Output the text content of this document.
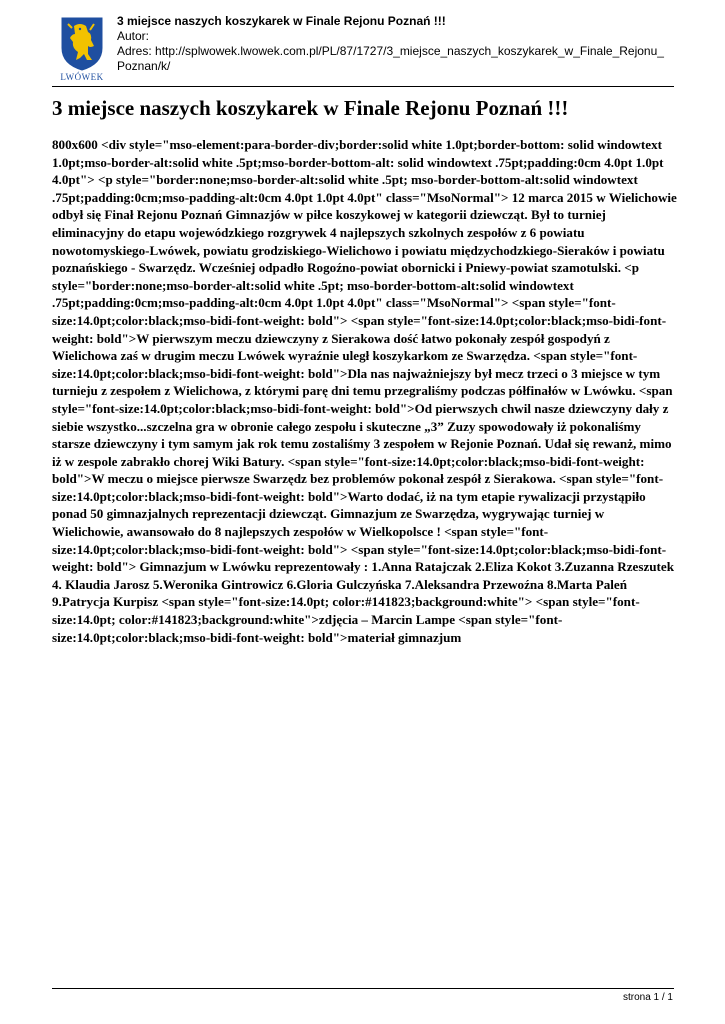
LWÓWEK
3 miejsce naszych koszykarek w Finale Rejonu Poznań !!!
Autor:
Adres: http://splwowek.lwowek.com.pl/PL/87/1727/3_miejsce_naszych_koszykarek_w_Finale_Rejonu_
Poznan/k/
3 miejsce naszych koszykarek w Finale Rejonu Poznań !!!

800x600 <div style="mso-element:para-border-div;border:solid white 1.0pt;border-bottom: solid windowtext 1.0pt;mso-border-alt:solid white .5pt;mso-border-bottom-alt: solid windowtext .75pt;padding:0cm 4.0pt 1.0pt 4.0pt"> <p style="border:none;mso-border-alt:solid white .5pt; mso-border-bottom-alt:solid windowtext .75pt;padding:0cm;mso-padding-alt:0cm 4.0pt 1.0pt 4.0pt" class="MsoNormal"> 12 marca 2015 w Wielichowie odbył się Finał Rejonu Poznań Gimnazjów w piłce koszykowej w kategorii dziewcząt. Był to turniej eliminacyjny do etapu wojewódzkiego rozgrywek 4 najlepszych szkolnych zespołów z 6 powiatu nowotomyskiego-Lwówek, powiatu grodziskiego-Wielichowo i powiatu międzychodzkiego-Sieraków i powiatu poznańskiego - Swarzędz. Wcześniej odpadło Rogoźno-powiat obornicki i Pniewy-powiat szamotulski. <p style="border:none;mso-border-alt:solid white .5pt; mso-border-bottom-alt:solid windowtext .75pt;padding:0cm;mso-padding-alt:0cm 4.0pt 1.0pt 4.0pt" class="MsoNormal"> <span style="font-size:14.0pt;color:black;mso-bidi-font-weight: bold"> <span style="font-size:14.0pt;color:black;mso-bidi-font-weight: bold">W pierwszym meczu dziewczyny z Sierakowa dość łatwo pokonały zespół gospodyń z Wielichowa zaś w drugim meczu Lwówek wyraźnie uległ koszykarkom ze Swarzędza. <span style="font-size:14.0pt;color:black;mso-bidi-font-weight: bold">Dla nas najważniejszy był mecz trzeci o 3 miejsce w tym turnieju z zespołem z Wielichowa, z którymi parę dni temu przegraliśmy podczas półfinałów w Lwówku. <span style="font-size:14.0pt;color:black;mso-bidi-font-weight: bold">Od pierwszych chwil nasze dziewczyny dały z siebie wszystko...szczelna gra w obronie całego zespołu i skuteczne „3” Zuzy spowodowały iż pokonaliśmy starsze dziewczyny i tym samym jak rok temu zostaliśmy 3 zespołem w Rejonie Poznań. Udał się rewanż, mimo iż w zespole zabrakło chorej Wiki Batury. <span style="font-size:14.0pt;color:black;mso-bidi-font-weight: bold">W meczu o miejsce pierwsze Swarzędz bez problemów pokonał zespół z Sierakowa. <span style="font-size:14.0pt;color:black;mso-bidi-font-weight: bold">Warto dodać, iż na tym etapie rywalizacji przystąpiło ponad 50 gimnazjalnych reprezentacji dziewcząt. Gimnazjum ze Swarzędza, wygrywając turniej w Wielichowie, awansowało do 8 najlepszych zespołów w Wielkopolsce ! <span style="font-size:14.0pt;color:black;mso-bidi-font-weight: bold"> <span style="font-size:14.0pt;color:black;mso-bidi-font-weight: bold"> Gimnazjum w Lwówku reprezentowały : 1.Anna Ratajczak 2.Eliza Kokot 3.Zuzanna Rzeszutek 4. Klaudia Jarosz 5.Weronika Gintrowicz 6.Gloria Gulczyńska 7.Aleksandra Przewoźna 8.Marta Paleń 9.Patrycja Kurpisz <span style="font-size:14.0pt; color:#141823;background:white"> <span style="font-size:14.0pt; color:#141823;background:white">zdjęcia – Marcin Lampe <span style="font-size:14.0pt;color:black;mso-bidi-font-weight: bold">materiał gimnazjum

strona 1 / 1
